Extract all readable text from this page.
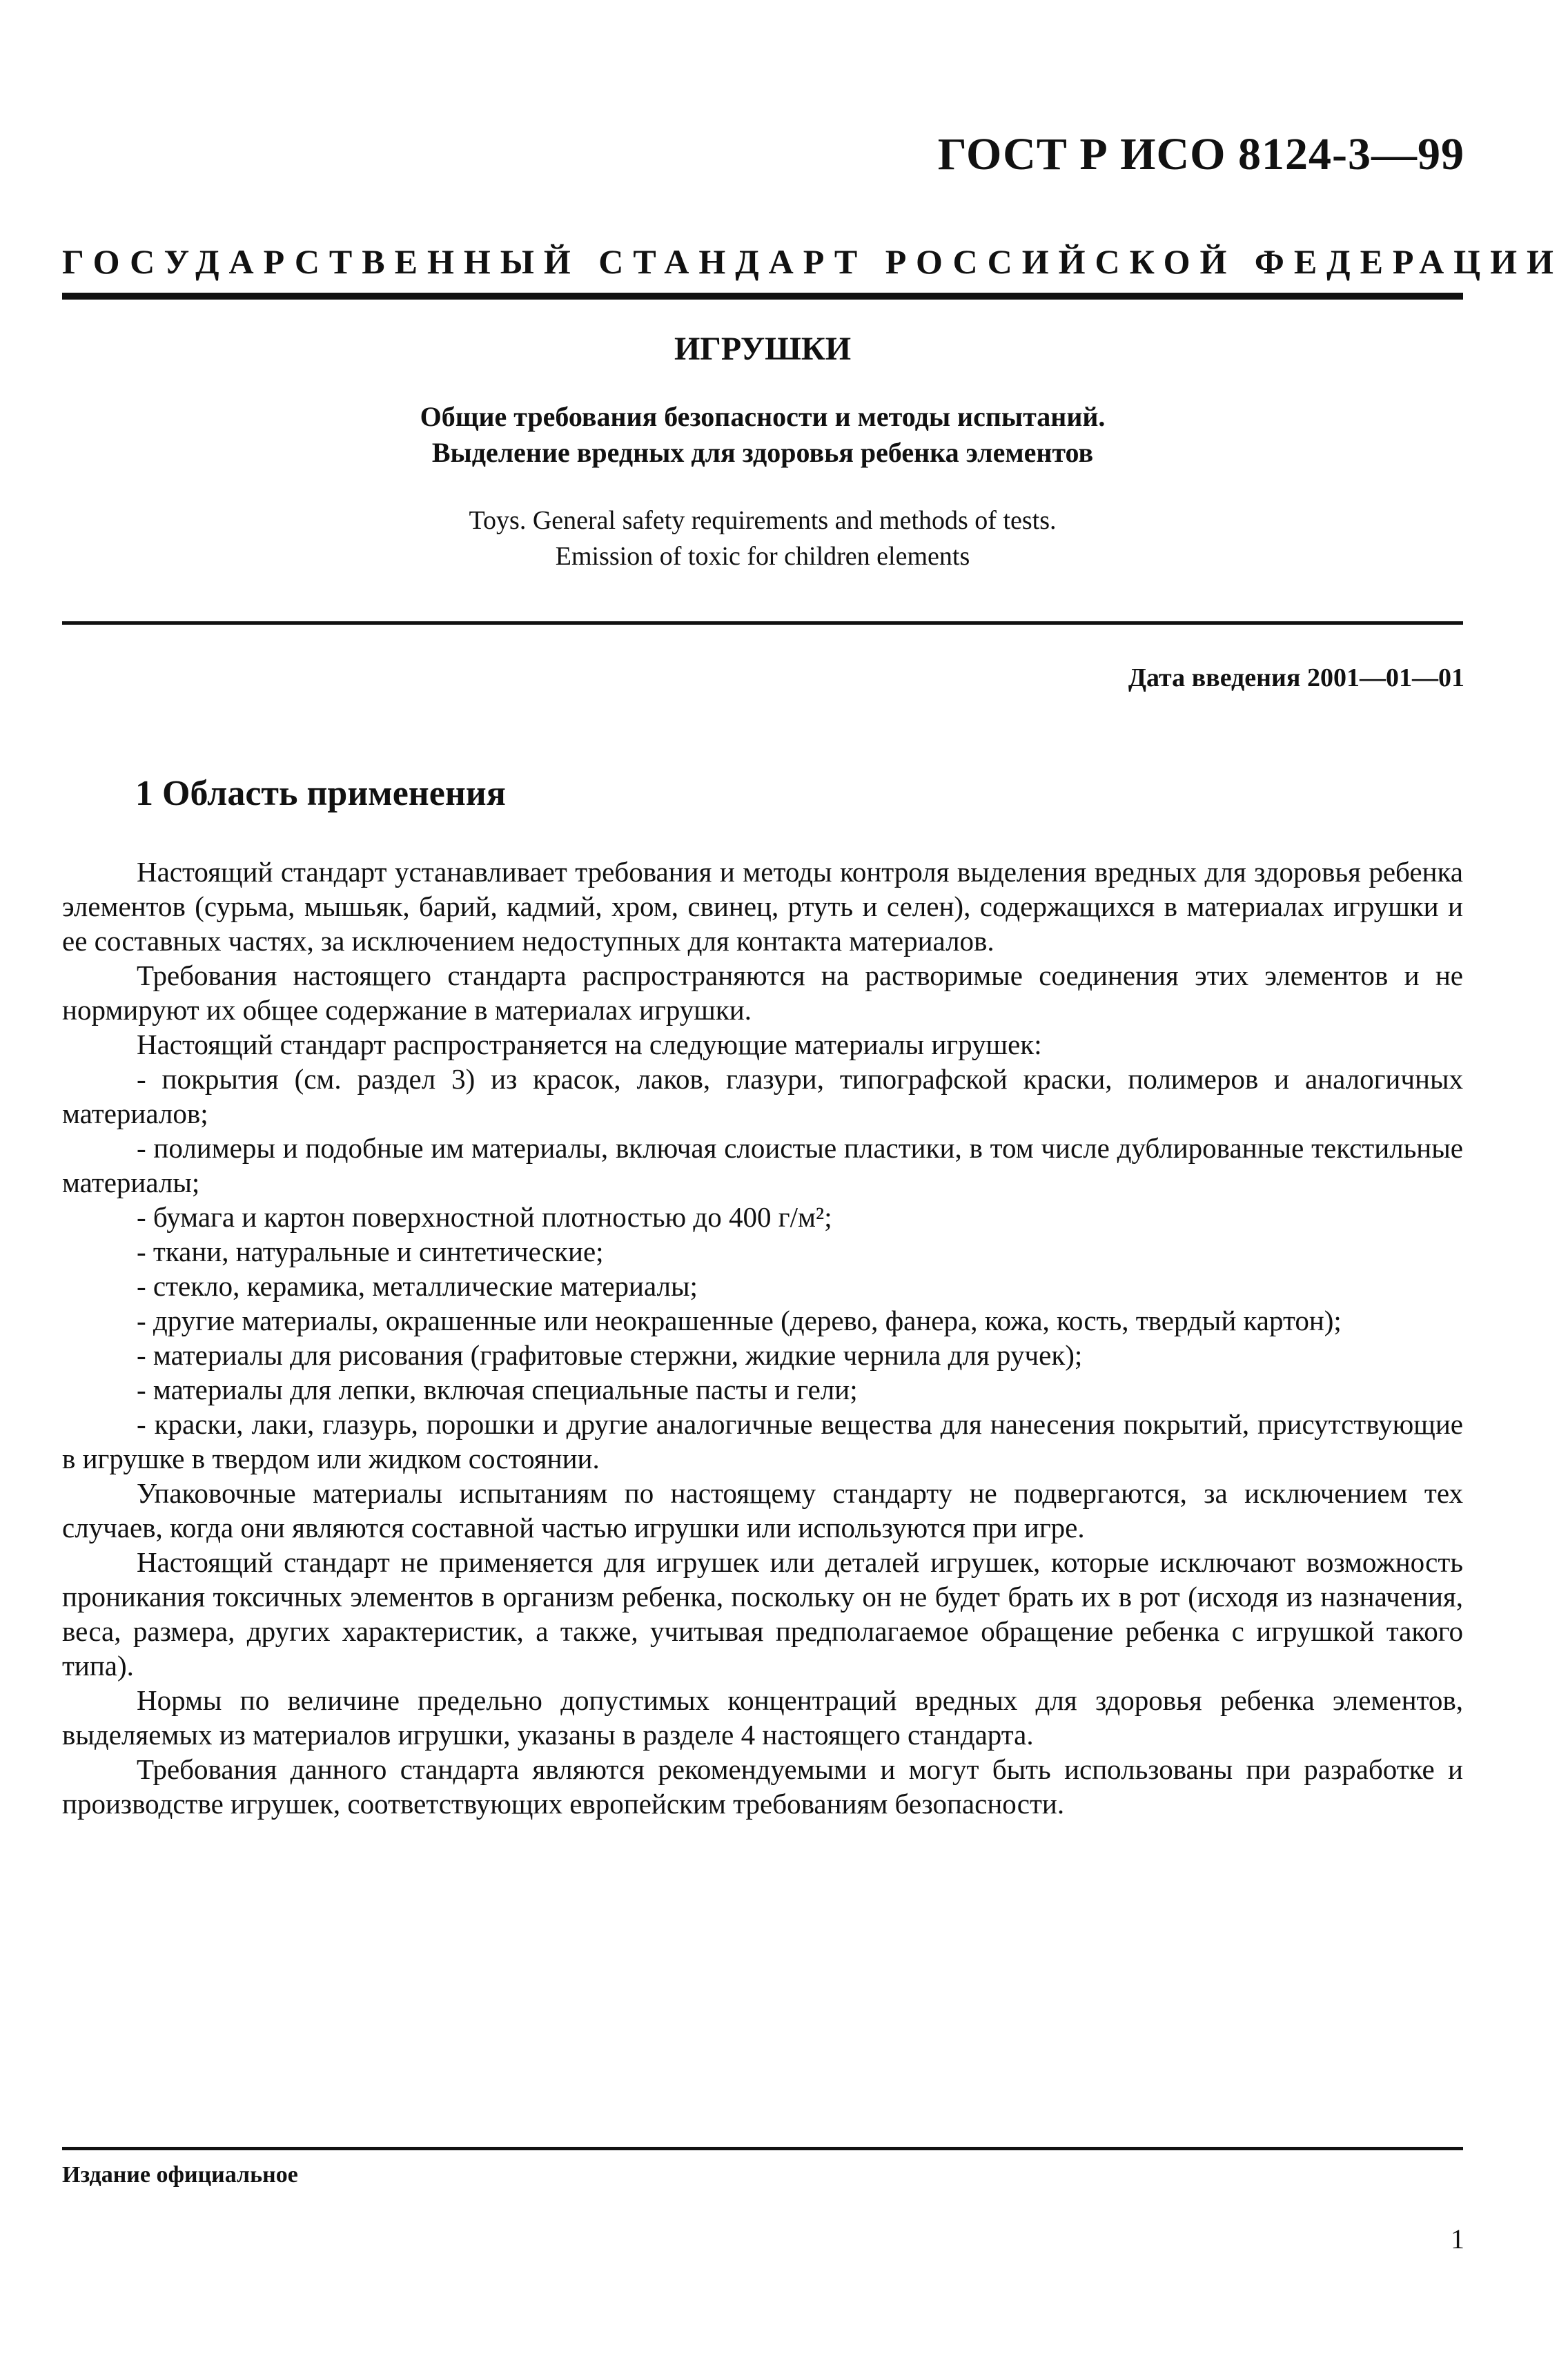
ГОСТ Р ИСО 8124-3—99
ГОСУДАРСТВЕННЫЙ СТАНДАРТ РОССИЙСКОЙ ФЕДЕРАЦИИ
ИГРУШКИ
Общие требования безопасности и методы испытаний.
Выделение вредных для здоровья ребенка элементов
Toys. General safety requirements and methods of tests.
Emission of toxic for children elements
Дата введения 2001—01—01
1 Область применения

Настоящий стандарт устанавливает требования и методы контроля выделения вредных для здоровья ребенка элементов (сурьма, мышьяк, барий, кадмий, хром, свинец, ртуть и селен), содержащихся в материалах игрушки и ее составных частях, за исключением недоступных для контакта материалов.

Требования настоящего стандарта распространяются на растворимые соединения этих элементов и не нормируют их общее содержание в материалах игрушки.

Настоящий стандарт распространяется на следующие материалы игрушек:

- покрытия (см. раздел 3) из красок, лаков, глазури, типографской краски, полимеров и аналогичных материалов;

- полимеры и подобные им материалы, включая слоистые пластики, в том числе дублированные текстильные материалы;

- бумага и картон поверхностной плотностью до 400 г/м²;

- ткани, натуральные и синтетические;

- стекло, керамика, металлические материалы;

- другие материалы, окрашенные или неокрашенные (дерево, фанера, кожа, кость, твердый картон);

- материалы для рисования (графитовые стержни, жидкие чернила для ручек);

- материалы для лепки, включая специальные пасты и гели;

- краски, лаки, глазурь, порошки и другие аналогичные вещества для нанесения покрытий, присутствующие в игрушке в твердом или жидком состоянии.

Упаковочные материалы испытаниям по настоящему стандарту не подвергаются, за исключением тех случаев, когда они являются составной частью игрушки или используются при игре.

Настоящий стандарт не применяется для игрушек или деталей игрушек, которые исключают возможность проникания токсичных элементов в организм ребенка, поскольку он не будет брать их в рот (исходя из назначения, веса, размера, других характеристик, а также, учитывая предполагаемое обращение ребенка с игрушкой такого типа).

Нормы по величине предельно допустимых концентраций вредных для здоровья ребенка элементов, выделяемых из материалов игрушки, указаны в разделе 4 настоящего стандарта.

Требования данного стандарта являются рекомендуемыми и могут быть использованы при разработке и производстве игрушек, соответствующих европейским требованиям безопасности.

Издание официальное
1
